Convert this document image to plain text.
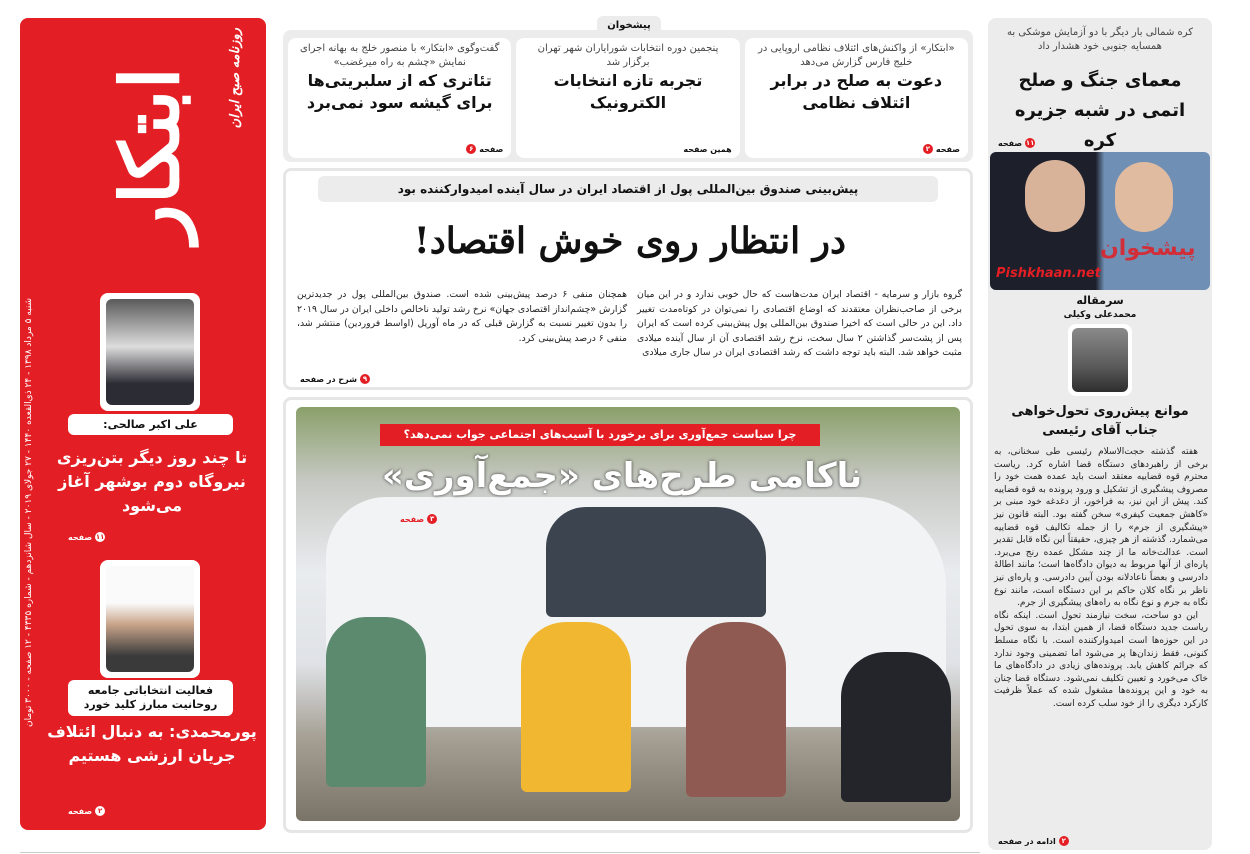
ابتکار	روزنامه صبح ایران
شنبه ۵ مرداد ۱۳۹۸ - ۲۴ ذی‌القعده ۱۴۴۰ - ۲۷ جولای ۲۰۱۹ - سال شانزدهم - شماره ۴۳۳۵ - ۱۲ صفحه - ۳۰۰۰ تومان
علی اکبر صالحی:
تا چند روز دیگر بتن‌ریزی نیروگاه دوم بوشهر آغاز می‌شود
۱۱
صفحه
فعالیت انتخاباتی جامعه روحانیت مبارز کلید خورد
پورمحمدی: به دنبال ائتلاف جریان ارزشی هستیم
۲
صفحه
پیشخوان
«ابتکار» از واکنش‌های ائتلاف نظامی اروپایی در خلیج فارس گزارش می‌دهد
دعوت به صلح در برابر ائتلاف نظامی
۲ صفحه
پنجمین دوره انتخابات شورایاران شهر تهران برگزار شد
تجربه تازه انتخابات الکترونیک
همین صفحه
گفت‌وگوی «ابتکار» با منصور خلج به بهانه اجرای نمایش «چشم به راه میرغضب»
تئاتری که از سلبریتی‌ها برای گیشه سود نمی‌برد
۶ صفحه
پیش‌بینی صندوق بین‌المللی پول از اقتصاد ایران در سال آینده امیدوارکننده بود
در انتظار روی خوش اقتصاد!
گروه بازار و سرمایه - اقتصاد ایران مدت‌هاست که حال خوبی ندارد و در این میان برخی از صاحب‌نظران معتقدند که اوضاع اقتصادی را نمی‌توان در کوتاه‌مدت تغییر داد. این در حالی است که اخیرا صندوق بین‌المللی پول پیش‌بینی کرده است که ایران پس از پشت‌سر گذاشتن ۲ سال سخت، نرخ رشد اقتصادی آن از سال آینده میلادی مثبت خواهد شد. البته باید توجه داشت که رشد اقتصادی ایران در سال جاری میلادی
همچنان منفی ۶ درصد پیش‌بینی شده است. صندوق بین‌المللی پول در جدیدترین گزارش «چشم‌انداز اقتصادی جهان» نرخ رشد تولید ناخالص داخلی ایران در سال ۲۰۱۹ را بدون تغییر نسبت به گزارش قبلی که در ماه آوریل (اواسط فروردین) منتشر شد، منفی ۶ درصد پیش‌بینی کرد.
۹
شرح در صفحه
چرا سیاست جمع‌آوری برای برخورد با آسیب‌های اجتماعی جواب نمی‌دهد؟
ناکامی طرح‌های «جمع‌آوری»
۳
صفحه
کره شمالی بار دیگر با دو آزمایش موشکی به همسایه جنوبی خود هشدار داد
معمای جنگ و صلح اتمی در شبه جزیره کره
۱۱
صفحه
پیشخوان
Pishkhaan.net
سرمقاله
محمدعلی وکیلی
موانع پیش‌روی تحول‌خواهی جناب آقای رئیسی

هفته گذشته حجت‌الاسلام رئیسی طی سخنانی، به برخی از راهبردهای دستگاه قضا اشاره کرد. ریاست محترم قوه قضاییه معتقد است باید عمده همت خود را مصروف پیشگیری از تشکیل و ورود پرونده به قوه قضاییه کند. پیش از این نیز، به فراخور، از دغدغه خود مبنی بر «کاهش جمعیت کیفری» سخن گفته بود. البته قانون نیز «پیشگیری از جرم» را از جمله تکالیف قوه قضاییه می‌شمارد. گذشته از هر چیزی، حقیقتاً این نگاه قابل تقدیر است. عدالت‌خانه ما از چند مشکل عمده رنج می‌برد. پاره‌ای از آنها مربوط به دیوان دادگاه‌ها است؛ مانند اطالهٔ دادرسی و بعضاً ناعادلانه بودن آیین دادرسی. و پاره‌ای نیز ناظر بر نگاه کلان حاکم بر این دستگاه است، مانند نوع نگاه به جرم و نوع نگاه به راه‌های پیشگیری از جرم.

این دو ساحت، سخت نیازمند تحول است. اینکه نگاه ریاست جدید دستگاه قضا، از همین ابتدا، به سوی تحول در این حوزه‌ها است امیدوارکننده است. با نگاه مسلط کنونی، فقط زندان‌ها پر می‌شود اما تضمینی وجود ندارد که جرائم کاهش یابد. پرونده‌های زیادی در دادگاه‌های ما خاک می‌خورد و تعیین تکلیف نمی‌شود. دستگاه قضا چنان به خود و این پرونده‌ها مشغول شده که عملاً ظرفیت کارکرد دیگری را از خود سلب کرده است.

۲
ادامه در صفحه
